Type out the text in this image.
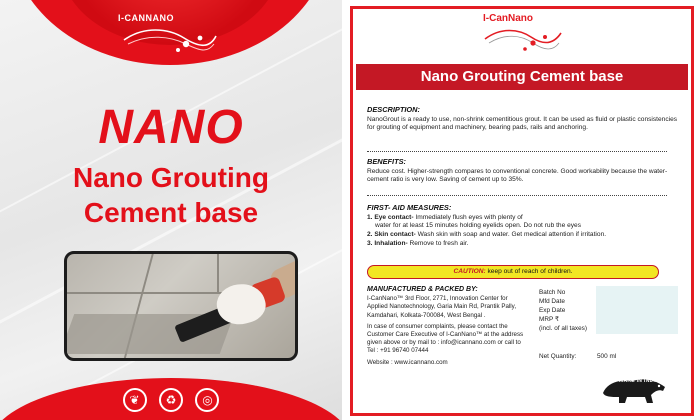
I-CANNANO
NANO
Nano Grouting
Cement base
❦ ♻ ◎
I-CanNano
Nano Grouting Cement base
DESCRIPTION:
NanoGrout is a ready to use, non-shrink cementitious grout. It can be used as fluid or plastic consistencies for grouting of equipment and machinery, bearing pads, rails and anchoring.
BENEFITS:
Reduce cost. Higher-strength compares to conventional concrete. Good workability because the water-cement ratio is very low. Saving of cement up to 35%.
FIRST- AID MEASURES:
1. Eye contact- Immediately flush eyes with plenty of
water for at least 15 minutes holding eyelids open. Do not rub the eyes
2. Skin contact- Wash skin with soap and water. Get medical attention if irritation.
3. Inhalation- Remove to fresh air.
CAUTION: keep out of reach of children.
MANUFACTURED & PACKED BY:

I-CanNano™ 3rd Floor, 2771, Innovation Center for Applied Nanotechnology, Garia Main Rd, Prantik Pally, Kamdahari, Kolkata-700084, West Bengal .

In case of consumer complaints, please contact the Customer Care Executive of I-CanNano™ at the address given above or by mail to : info@icannano.com or call to Tel : +91 96740 07444

Website : www.icannano.com

Batch No
Mfd Date
Exp Date
MRP ₹
(incl. of all taxes)
Net Quantity:	500 ml
MAKE IN INDIA
